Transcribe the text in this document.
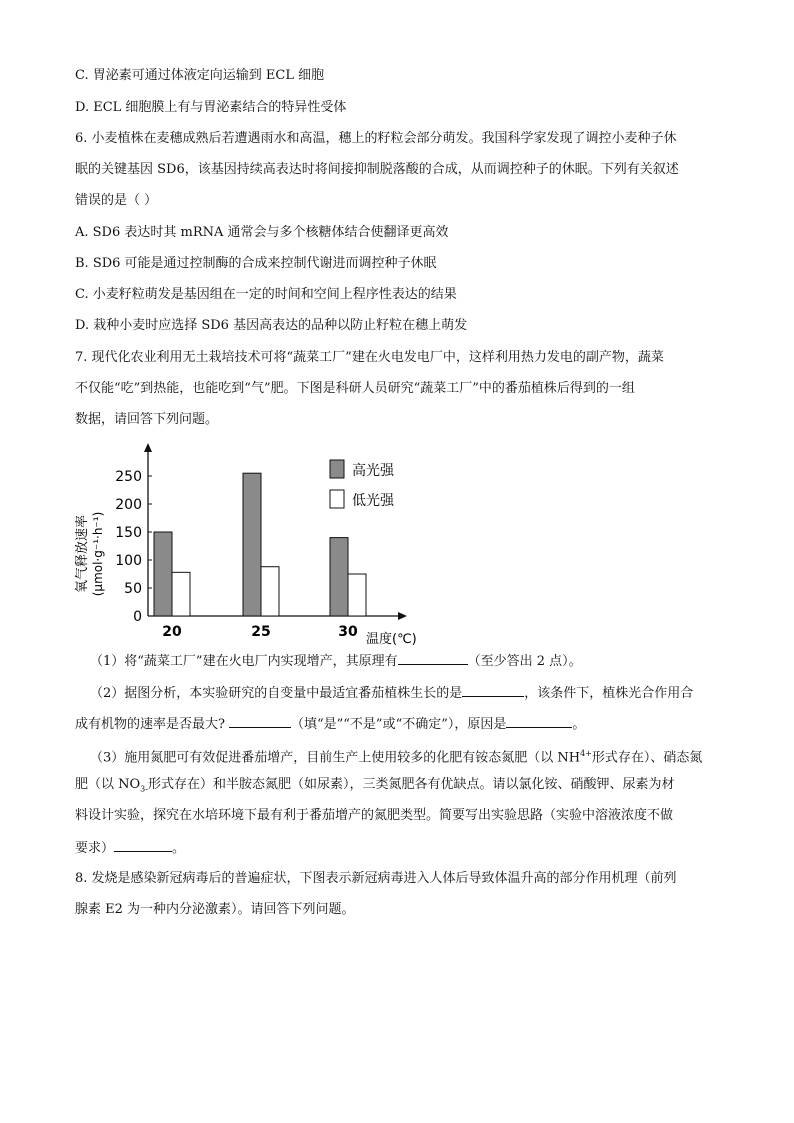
C. 胃泌素可通过体液定向运输到 ECL 细胞
D. ECL 细胞膜上有与胃泌素结合的特异性受体
6. 小麦植株在麦穗成熟后若遭遇雨水和高温，穗上的籽粒会部分萌发。我国科学家发现了调控小麦种子休
眠的关键基因 SD6，该基因持续高表达时将间接抑制脱落酸的合成，从而调控种子的休眠。下列有关叙述
错误的是（ ）
A. SD6 表达时其 mRNA 通常会与多个核糖体结合使翻译更高效
B. SD6 可能是通过控制酶的合成来控制代谢进而调控种子休眠
C. 小麦籽粒萌发是基因组在一定的时间和空间上程序性表达的结果
D. 栽种小麦时应选择 SD6 基因高表达的品种以防止籽粒在穗上萌发
7. 现代化农业利用无土栽培技术可将“蔬菜工厂”建在火电发电厂中，这样利用热力发电的副产物，蔬菜
不仅能“吃”到热能，也能吃到“气”肥。下图是科研人员研究“蔬菜工厂”中的番茄植株后得到的一组
数据，请回答下列问题。
氧气释放速率 (μmol·g⁻¹·h⁻¹)
0
50
100
150
200
250
20	25	30 温度(℃)
高光强
低光强
（1）将“蔬菜工厂”建在火电厂内实现增产，其原理有	（至少答出 2 点）。
（2）据图分析，本实验研究的自变量中最适宜番茄植株生长的是	，该条件下，植株光合作用合
成有机物的速率是否最大?	（填“是”“不是”或“不确定”），原因是	。
（3）施用氮肥可有效促进番茄增产，目前生产上使用较多的化肥有铵态氮肥（以 $NH^{4+}$形式存在）、硝态氮
肥（以 $NO_{3-}$形式存在）和半胺态氮肥（如尿素），三类氮肥各有优缺点。请以氯化铵、硝酸钾、尿素为材
料设计实验，探究在水培环境下最有利于番茄增产的氮肥类型。简要写出实验思路（实验中溶液浓度不做
要求）	。
8. 发烧是感染新冠病毒后的普遍症状，下图表示新冠病毒进入人体后导致体温升高的部分作用机理（前列
腺素 E2 为一种内分泌激素）。请回答下列问题。
